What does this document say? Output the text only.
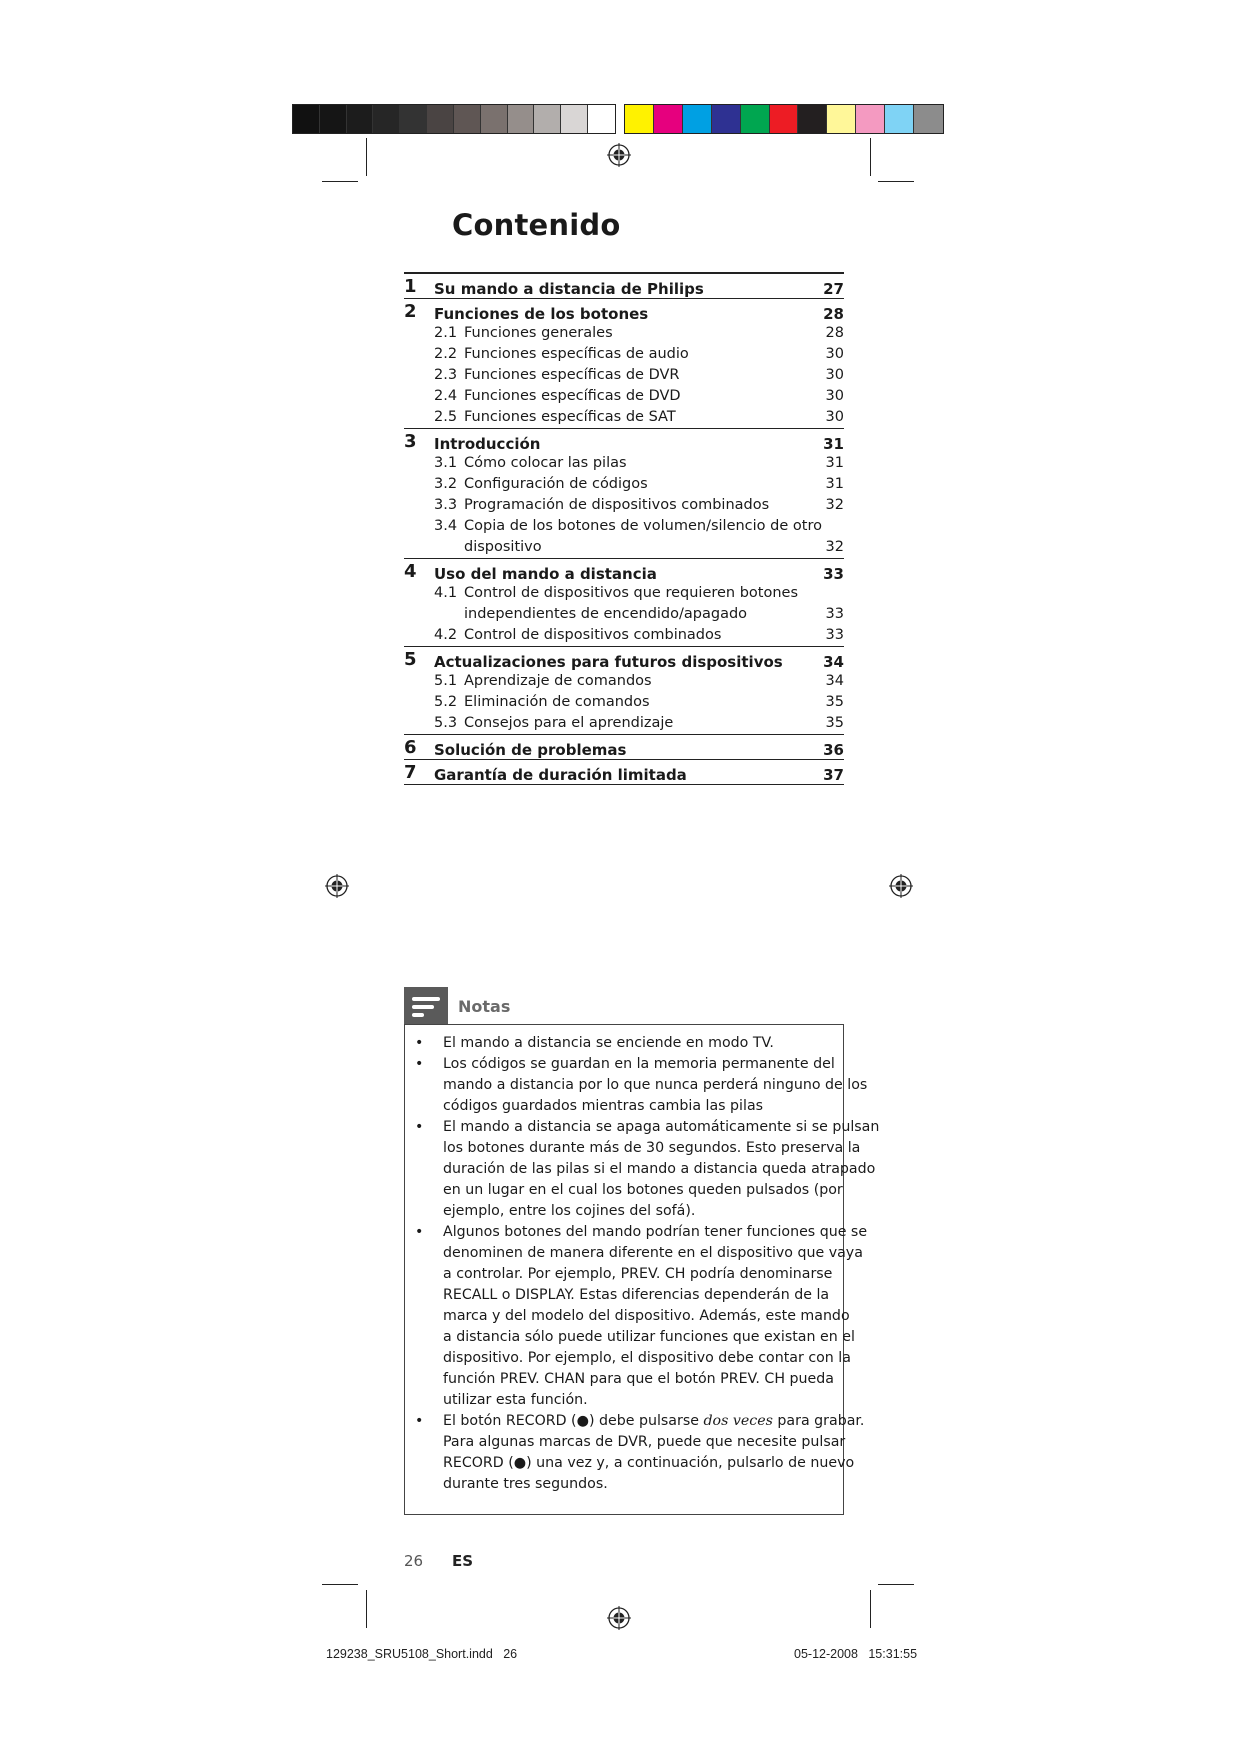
Contenido
1 Su mando a distancia de Philips	27
2 Funciones de los botones	28
2.1 Funciones generales	28
2.2 Funciones específicas de audio	30
2.3 Funciones específicas de DVR	30
2.4 Funciones específicas de DVD	30
2.5 Funciones específicas de SAT	30
3 Introducción	31
3.1 Cómo colocar las pilas	31
3.2 Configuración de códigos	31
3.3 Programación de dispositivos combinados	32
3.4 Copia de los botones de volumen/silencio de otro
dispositivo	32
4 Uso del mando a distancia	33
4.1 Control de dispositivos que requieren botones
independientes de encendido/apagado	33
4.2 Control de dispositivos combinados	33
5 Actualizaciones para futuros dispositivos	34
5.1 Aprendizaje de comandos	34
5.2 Eliminación de comandos	35
5.3 Consejos para el aprendizaje	35
6 Solución de problemas	36
7 Garantía de duración limitada	37
Notas
• El mando a distancia se enciende en modo TV.
• Los códigos se guardan en la memoria permanente del
mando a distancia por lo que nunca perderá ninguno de los
códigos guardados mientras cambia las pilas
• El mando a distancia se apaga automáticamente si se pulsan
los botones durante más de 30 segundos. Esto preserva la
duración de las pilas si el mando a distancia queda atrapado
en un lugar en el cual los botones queden pulsados (por
ejemplo, entre los cojines del sofá).
• Algunos botones del mando podrían tener funciones que se
denominen de manera diferente en el dispositivo que vaya
a controlar. Por ejemplo, PREV. CH podría denominarse
RECALL o DISPLAY. Estas diferencias dependerán de la
marca y del modelo del dispositivo. Además, este mando
a distancia sólo puede utilizar funciones que existan en el
dispositivo. Por ejemplo, el dispositivo debe contar con la
función PREV. CHAN para que el botón PREV. CH pueda
utilizar esta función.
• El botón RECORD (●) debe pulsarse dos veces para grabar.
Para algunas marcas de DVR, puede que necesite pulsar
RECORD (●) una vez y, a continuación, pulsarlo de nuevo
durante tres segundos.
26 ES
129238_SRU5108_Short.indd   26	05-12-2008   15:31:55
